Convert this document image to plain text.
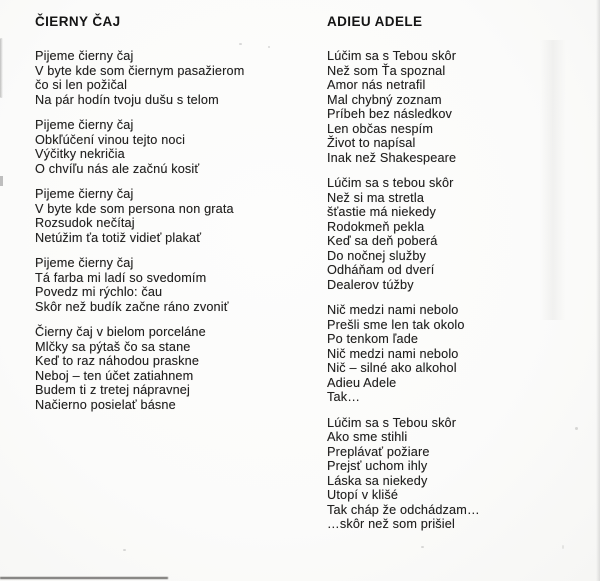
ČIERNY ČAJ
Pijeme čierny čaj
V byte kde som čiernym pasažierom
čo si len požičal
Na pár hodín tvoju dušu s telom
Pijeme čierny čaj
Obkľúčení vinou tejto noci
Výčitky nekričia
O chvíľu nás ale začnú kosiť
Pijeme čierny čaj
V byte kde som persona non grata
Rozsudok nečítaj
Netúžim ťa totiž vidieť plakať
Pijeme čierny čaj
Tá farba mi ladí so svedomím
Povedz mi rýchlo: čau
Skôr než budík začne ráno zvoniť
Čierny čaj v bielom porceláne
Mlčky sa pýtaš čo sa stane
Keď to raz náhodou praskne
Neboj – ten účet zatiahnem
Budem ti z tretej nápravnej
Načierno posielať básne
ADIEU ADELE
Lúčim sa s Tebou skôr
Než som Ťa spoznal
Amor nás netrafil
Mal chybný zoznam
Príbeh bez následkov
Len občas nespím
Život to napísal
Inak než Shakespeare
Lúčim sa s tebou skôr
Než si ma stretla
šťastie má niekedy
Rodokmeň pekla
Keď sa deň poberá
Do nočnej služby
Odháňam od dverí
Dealerov túžby
Nič medzi nami nebolo
Prešli sme len tak okolo
Po tenkom ľade
Nič medzi nami nebolo
Nič – silné ako alkohol
Adieu Adele
Tak…
Lúčim sa s Tebou skôr
Ako sme stihli
Preplávať požiare
Prejsť uchom ihly
Láska sa niekedy
Utopí v klišé
Tak cháp že odchádzam…
…skôr než som prišiel
